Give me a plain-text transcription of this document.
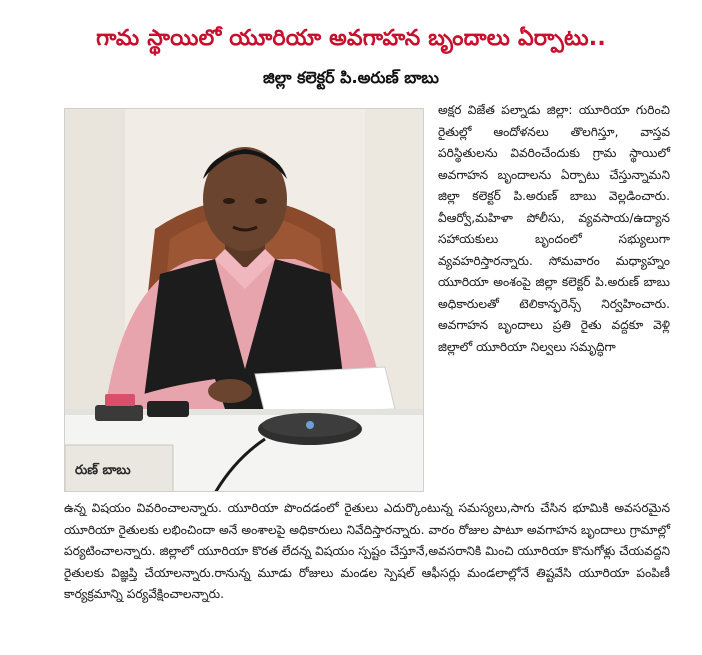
గామ స్థాయిలో యూరియా అవగాహన బృందాలు ఏర్పాటు..
జిల్లా కలెక్టర్ పి.అరుణ్ బాబు
రుణ్ బాబు

అక్షర విజేత పల్నాడు జిల్లా: యూరియా గురించి రైతుల్లో ఆందోళనలు తొలగిస్తూ, వాస్తవ పరిస్థితులను వివరించేందుకు గ్రామ స్థాయిలో అవగాహన బృందాలను ఏర్పాటు చేస్తున్నామని జిల్లా కలెక్టర్ పి.అరుణ్ బాబు వెల్లడించారు. వీఆర్వో,మహిళా పోలీసు, వ్యవసాయ/ఉద్యాన సహాయకులు బృందంలో సభ్యులుగా వ్యవహరిస్తారన్నారు. సోమవారం మధ్యాహ్నం యూరియా అంశంపై జిల్లా కలెక్టర్ పి.అరుణ్ బాబు అధికారులతో టెలికాన్ఫరెన్స్ నిర్వహించారు. అవగాహన బృందాలు ప్రతి రైతు వద్దకూ వెళ్లి జిల్లాలో యూరియా నిల్వలు సమృద్ధిగా

ఉన్న విషయం వివరించాలన్నారు. యూరియా పొందడంలో రైతులు ఎదుర్కొంటున్న సమస్యలు,సాగు చేసిన భూమికి అవసరమైన యూరియా రైతులకు లభించిందా అనే అంశాలపై అధికారులు నివేదిస్తారన్నారు. వారం రోజుల పాటూ అవగాహన బృందాలు గ్రామాల్లో పర్యటించాలన్నారు. జిల్లాలో యూరియా కొరత లేదన్న విషయం స్పష్టం చేస్తూనే,అవసరానికి మించి యూరియా కొనుగోళ్లు చేయవద్దని రైతులకు విజ్ఞప్తి చేయాలన్నారు.రానున్న మూడు రోజులు మండల స్పెషల్ ఆఫీసర్లు మండలాల్లోనే తిష్టవేసి యూరియా పంపిణీ కార్యక్రమాన్ని పర్యవేక్షించాలన్నారు.
